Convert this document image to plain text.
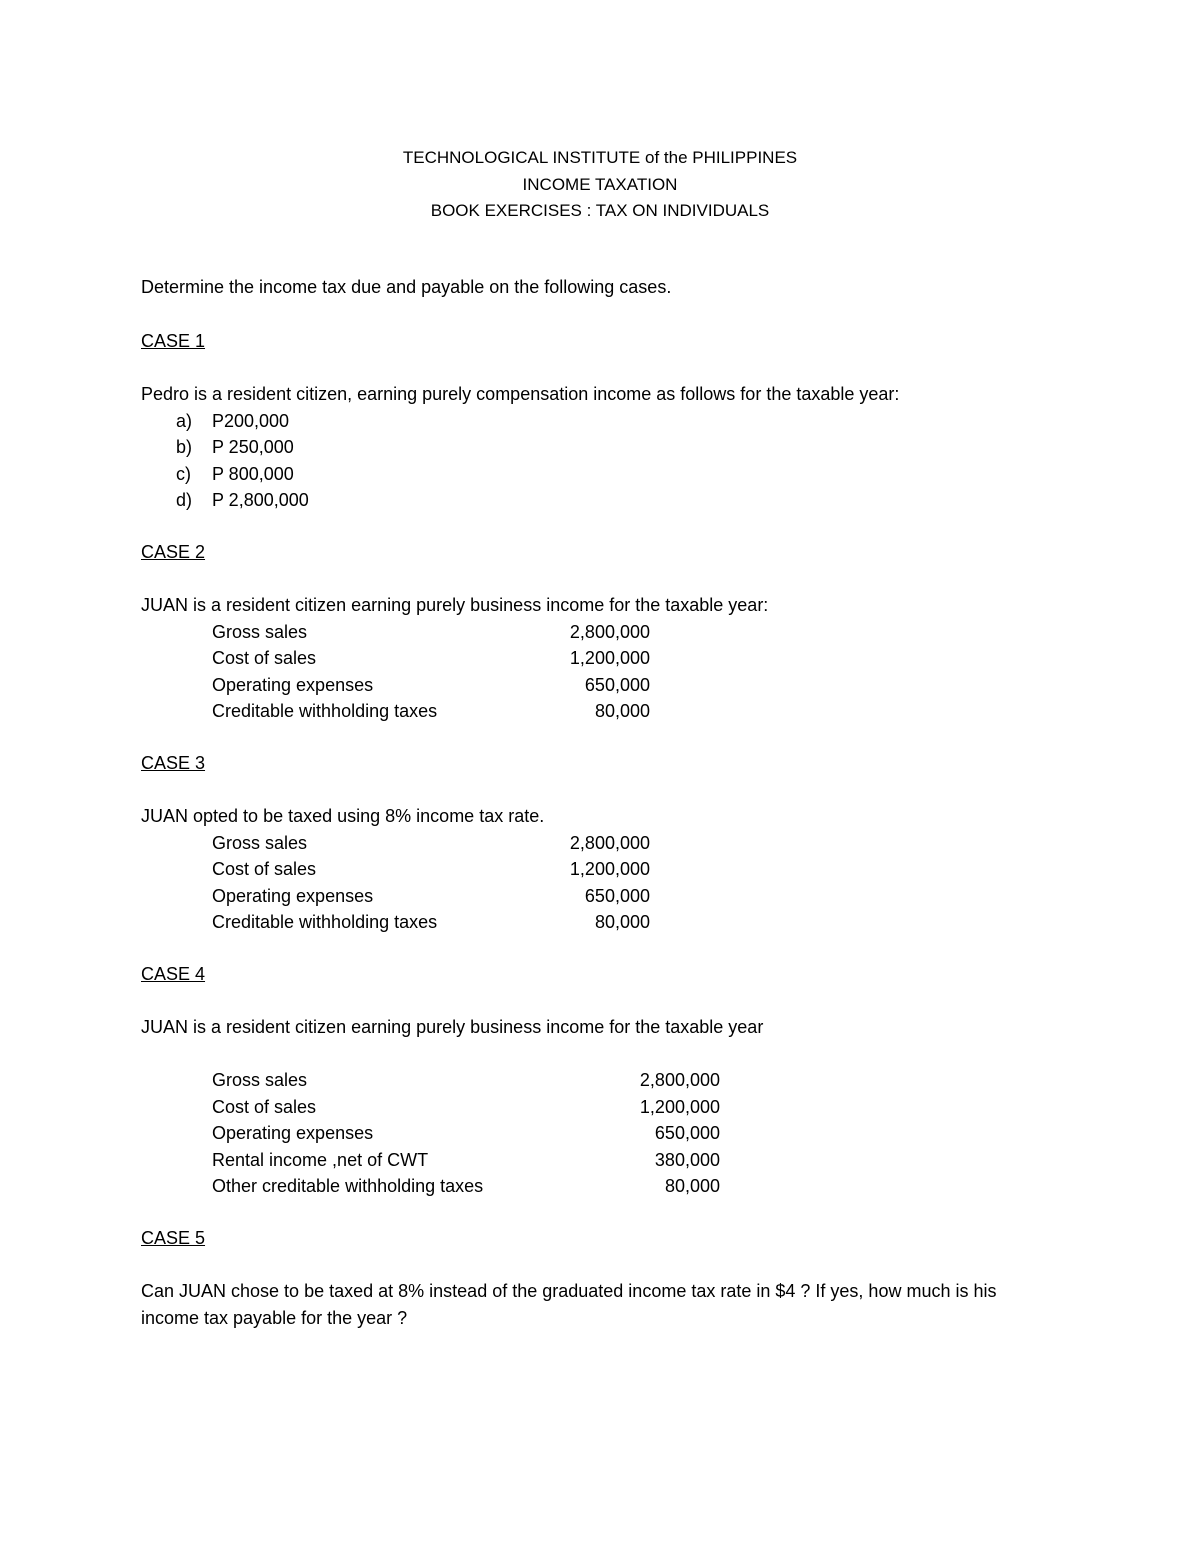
TECHNOLOGICAL INSTITUTE of the PHILIPPINES
INCOME TAXATION
BOOK EXERCISES : TAX ON INDIVIDUALS
Determine the income tax due and payable on the following cases.
CASE 1
Pedro is a resident citizen, earning purely compensation income as follows for the taxable year:
a)	P200,000
b)	P 250,000
c)	P 800,000
d)	P 2,800,000
CASE 2
JUAN is a resident citizen earning purely business income for the taxable year:
Gross sales	2,800,000
Cost of sales	1,200,000
Operating expenses	650,000
Creditable withholding taxes	80,000
CASE 3
JUAN opted to be taxed using 8% income tax rate.
Gross sales	2,800,000
Cost of sales	1,200,000
Operating expenses	650,000
Creditable withholding taxes	80,000
CASE 4
JUAN is a resident citizen earning purely business income for the taxable year
Gross sales	2,800,000
Cost of sales	1,200,000
Operating expenses	650,000
Rental income ,net of CWT	380,000
Other creditable withholding taxes	80,000
CASE 5
Can JUAN chose to be taxed at 8% instead of the graduated income tax rate in $4 ? If yes, how much is his income tax payable for the year ?
